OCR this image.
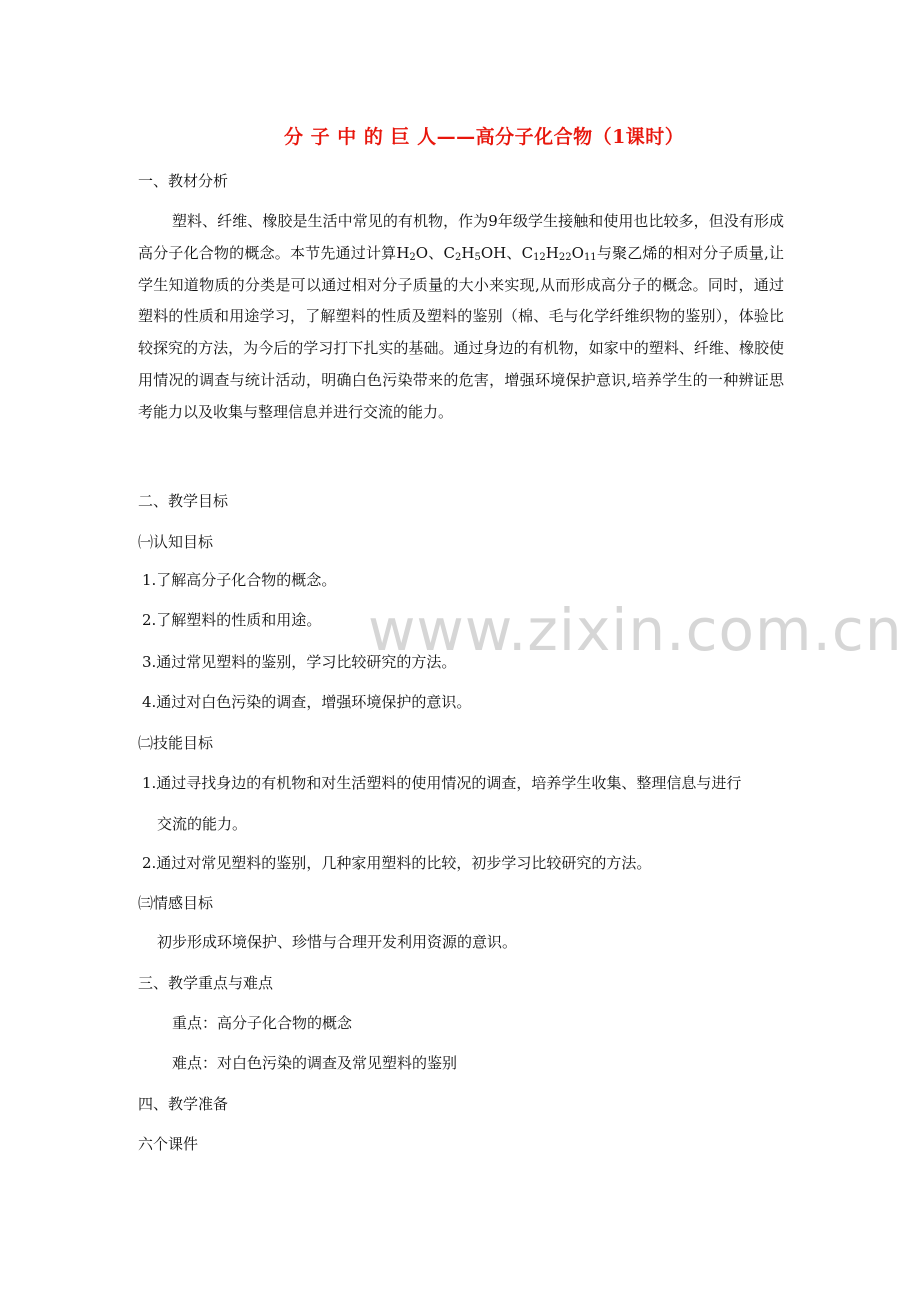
www.zixin.com.cn
分 子 中 的 巨 人——高分子化合物（1课时）
一、教材分析
塑料、纤维、橡胶是生活中常见的有机物，作为9年级学生接触和使用也比较多，但没有形成高分子化合物的概念。本节先通过计算$H_2O$、$C_2H_5OH$、$C_{12}H_{22}O_{11}$与聚乙烯的相对分子质量,让学生知道物质的分类是可以通过相对分子质量的大小来实现,从而形成高分子的概念。同时，通过塑料的性质和用途学习，了解塑料的性质及塑料的鉴别（棉、毛与化学纤维织物的鉴别），体验比较探究的方法，为今后的学习打下扎实的基础。通过身边的有机物，如家中的塑料、纤维、橡胶使用情况的调查与统计活动，明确白色污染带来的危害，增强环境保护意识,培养学生的一种辨证思考能力以及收集与整理信息并进行交流的能力。
二、教学目标
㈠认知目标
1.了解高分子化合物的概念。
2.了解塑料的性质和用途。
3.通过常见塑料的鉴别，学习比较研究的方法。
4.通过对白色污染的调查，增强环境保护的意识。
㈡技能目标
1.通过寻找身边的有机物和对生活塑料的使用情况的调查，培养学生收集、整理信息与进行
交流的能力。
2.通过对常见塑料的鉴别，几种家用塑料的比较，初步学习比较研究的方法。
㈢情感目标
初步形成环境保护、珍惜与合理开发利用资源的意识。
三、教学重点与难点
重点：高分子化合物的概念
难点：对白色污染的调查及常见塑料的鉴别
四、教学准备
六个课件
